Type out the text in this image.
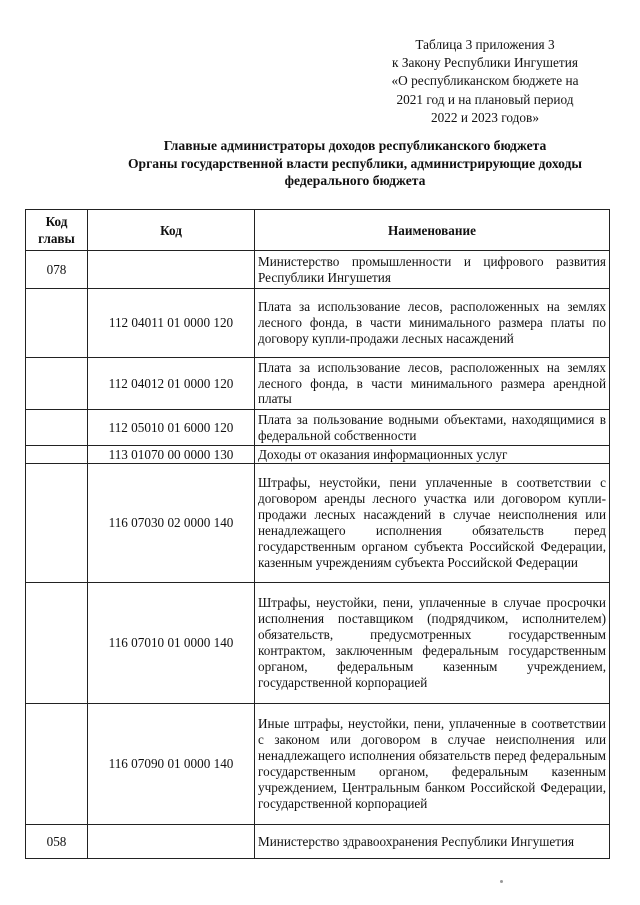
Таблица 3 приложения 3
к Закону Республики Ингушетия
«О республиканском бюджете на
2021 год и на плановый период
2022 и 2023 годов»
Главные администраторы доходов республиканского бюджета
Органы государственной власти республики, администрирующие доходы
федерального бюджета
Код главы	Код	Наименование
078		Министерство промышленности и цифрового развития Республики Ингушетия
	112 04011 01 0000 120	Плата за использование лесов, расположенных на землях лесного фонда, в части минимального размера платы по договору купли-продажи лесных насаждений
	112 04012 01 0000 120	Плата за использование лесов, расположенных на землях лесного фонда, в части минимального размера арендной платы
	112 05010 01 6000 120	Плата за пользование водными объектами, находящимися в федеральной собственности
	113 01070 00 0000 130	Доходы от оказания информационных услуг
	116 07030 02 0000 140	Штрафы, неустойки, пени уплаченные в соответствии с договором аренды лесного участка или договором купли-продажи лесных насаждений в случае неисполнения или ненадлежащего исполнения обязательств перед государственным органом субъекта Российской Федерации, казенным учреждениям субъекта Российской Федерации
	116 07010 01 0000 140	Штрафы, неустойки, пени, уплаченные в случае просрочки исполнения поставщиком (подрядчиком, исполнителем) обязательств, предусмотренных государственным контрактом, заключенным федеральным государственным органом, федеральным казенным учреждением, государственной корпорацией
	116 07090 01 0000 140	Иные штрафы, неустойки, пени, уплаченные в соответствии с законом или договором в случае неисполнения или ненадлежащего исполнения обязательств перед федеральным государственным органом, федеральным казенным учреждением, Центральным банком Российской Федерации, государственной корпорацией
058		Министерство здравоохранения Республики Ингушетия
